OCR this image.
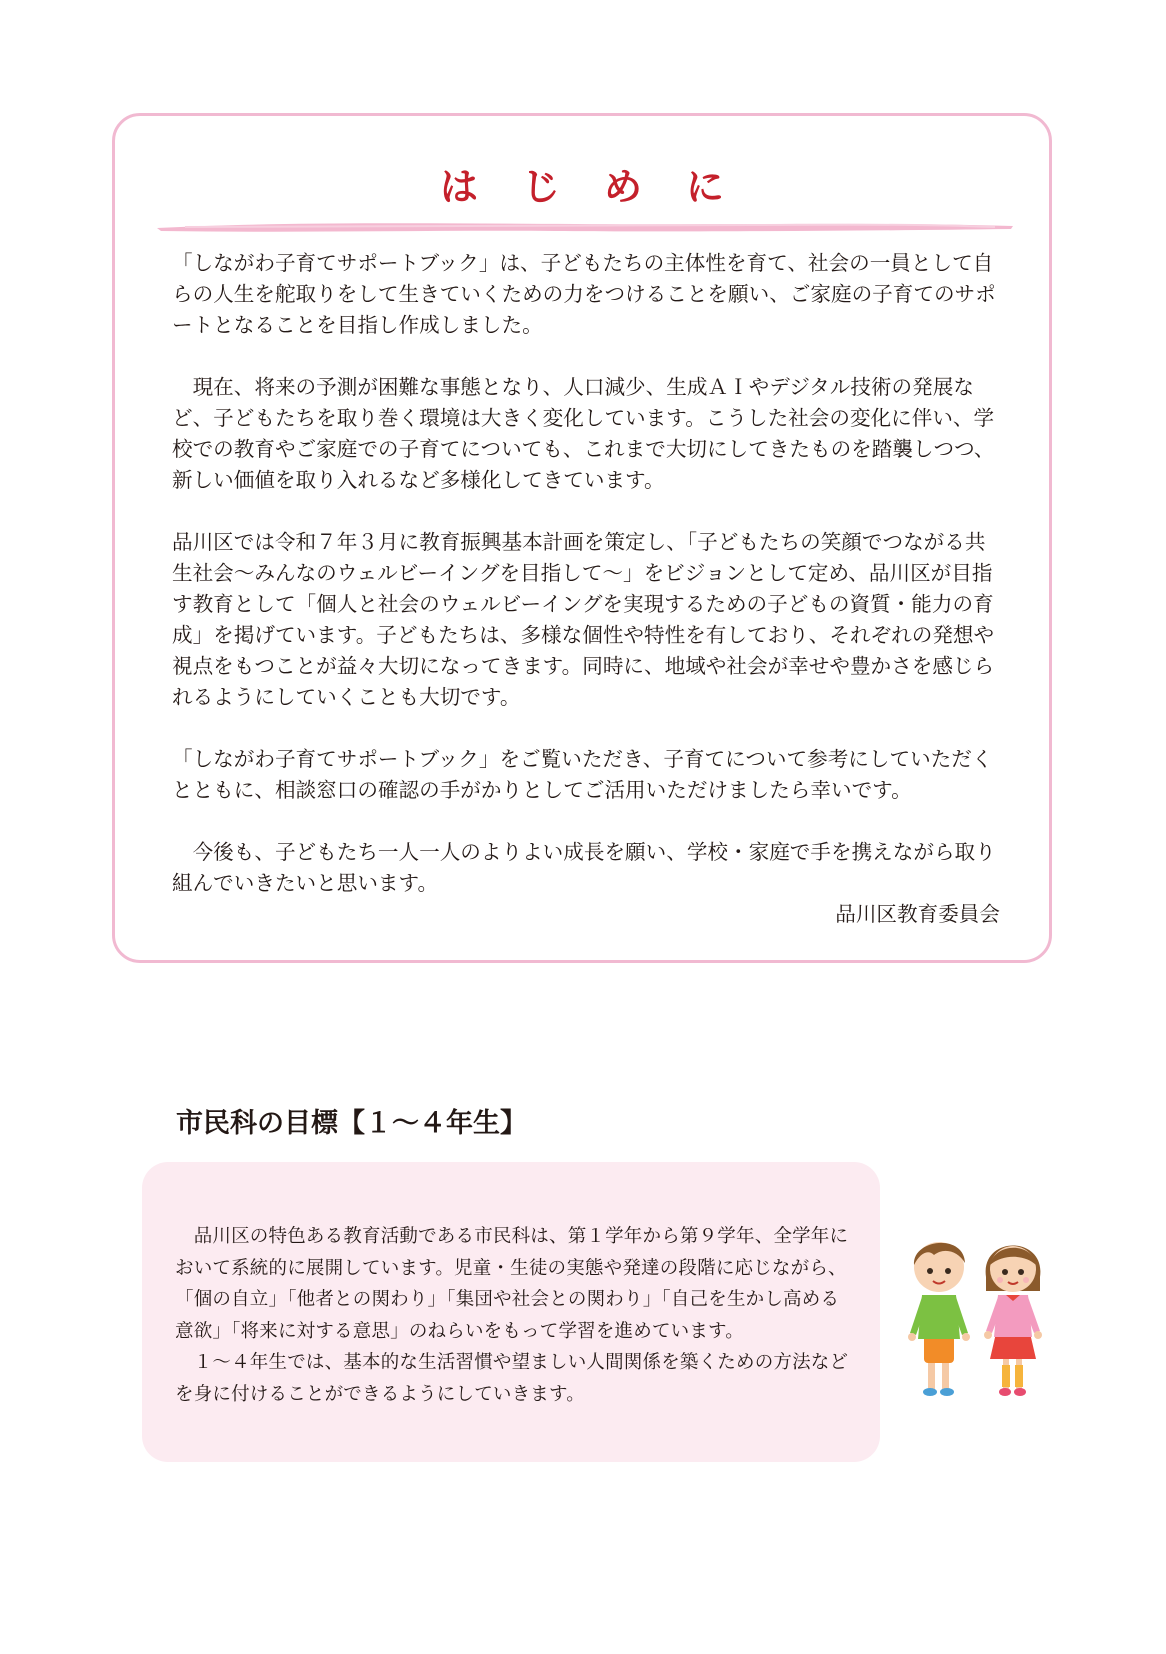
はじめに

「しながわ子育てサポートブック」は、子どもたちの主体性を育て、社会の一員として自らの人生を舵取りをして生きていくための力をつけることを願い、ご家庭の子育てのサポートとなることを目指し作成しました。

　現在、将来の予測が困難な事態となり、人口減少、生成ＡＩやデジタル技術の発展など、子どもたちを取り巻く環境は大きく変化しています。こうした社会の変化に伴い、学校での教育やご家庭での子育てについても、これまで大切にしてきたものを踏襲しつつ、新しい価値を取り入れるなど多様化してきています。

品川区では令和７年３月に教育振興基本計画を策定し、「子どもたちの笑顔でつながる共生社会～みんなのウェルビーイングを目指して～」をビジョンとして定め、品川区が目指す教育として「個人と社会のウェルビーイングを実現するための子どもの資質・能力の育成」を掲げています。子どもたちは、多様な個性や特性を有しており、それぞれの発想や視点をもつことが益々大切になってきます。同時に、地域や社会が幸せや豊かさを感じられるようにしていくことも大切です。

「しながわ子育てサポートブック」をご覧いただき、子育てについて参考にしていただくとともに、相談窓口の確認の手がかりとしてご活用いただけましたら幸いです。

　今後も、子どもたち一人一人のよりよい成長を願い、学校・家庭で手を携えながら取り組んでいきたいと思います。

品川区教育委員会

市民科の目標【１～４年生】

　品川区の特色ある教育活動である市民科は、第１学年から第９学年、全学年において系統的に展開しています。児童・生徒の実態や発達の段階に応じながら、「個の自立」「他者との関わり」「集団や社会との関わり」「自己を生かし高める意欲」「将来に対する意思」のねらいをもって学習を進めています。

　１～４年生では、基本的な生活習慣や望ましい人間関係を築くための方法などを身に付けることができるようにしていきます。
